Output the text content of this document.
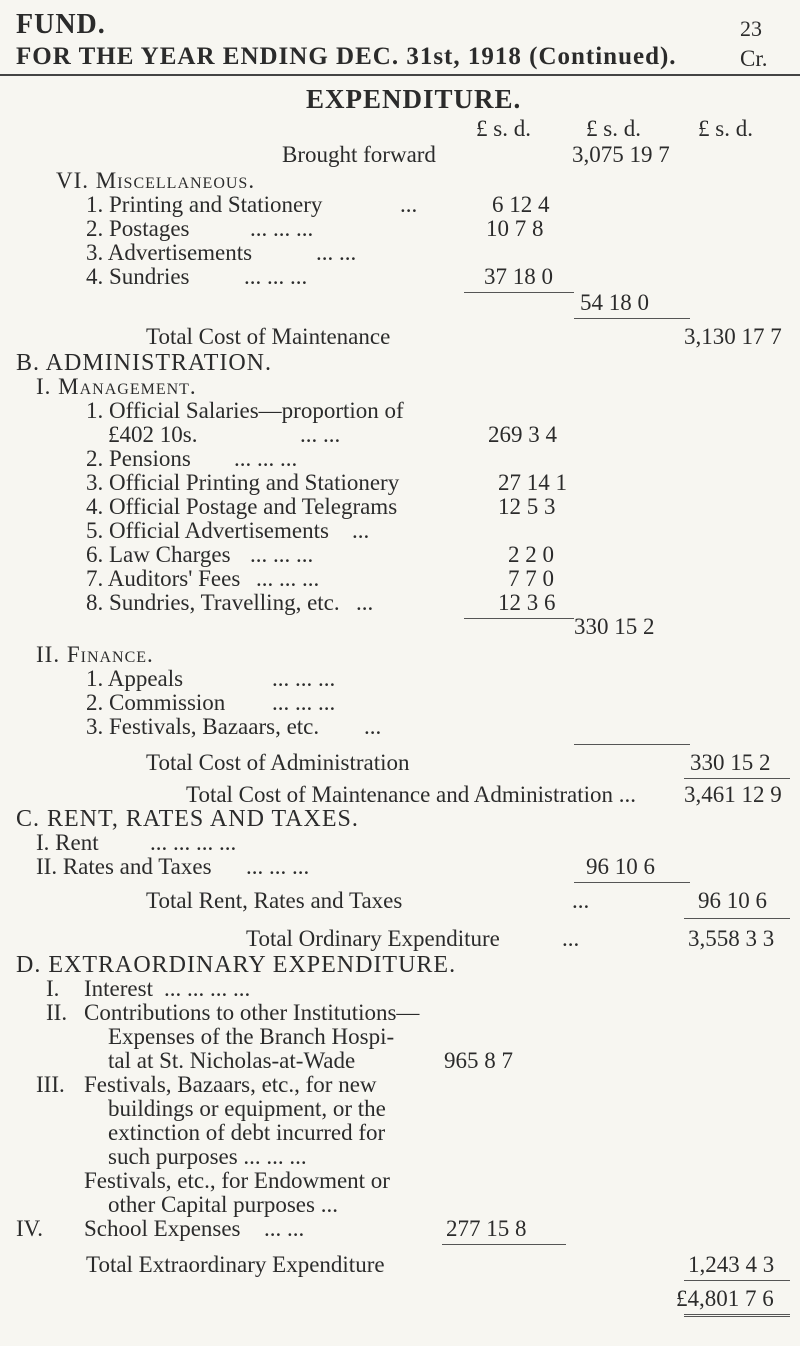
FUND.	23
FOR THE YEAR ENDING DEC. 31st, 1918 (Continued).	Cr.
EXPENDITURE.
£ s. d. £ s. d. £ s. d.
Brought forward	3,075 19 7
VI. Miscellaneous.
1. Printing and Stationery	...	6 12 4
2. Postages	... ... ...	10 7 8
3. Advertisements	... ...
4. Sundries ... ... ...	37 18 0
54 18 0
Total Cost of Maintenance	3,130 17 7
B. ADMINISTRATION.
I. Management.
1. Official Salaries—proportion of
£402 10s.	... ...	269 3 4
2. Pensions ... ... ...
3. Official Printing and Stationery	27 14 1
4. Official Postage and Telegrams	12 5 3
5. Official Advertisements ...
6. Law Charges ... ... ...	2 2 0
7. Auditors' Fees ... ... ...	7 7 0
8. Sundries, Travelling, etc. ...	12 3 6
330 15 2
II. Finance.
1. Appeals	... ... ...
2. Commission ... ... ...
3. Festivals, Bazaars, etc. ...
Total Cost of Administration	330 15 2
Total Cost of Maintenance and Administration ... 3,461 12 9
C. RENT, RATES AND TAXES.
I. Rent ... ... ... ...
II. Rates and Taxes ... ... ...	96 10 6
Total Rent, Rates and Taxes	...	96 10 6
Total Ordinary Expenditure	...	3,558 3 3
D. EXTRAORDINARY EXPENDITURE.
I. Interest ... ... ... ...
II. Contributions to other Institutions—
Expenses of the Branch Hospi-
tal at St. Nicholas-at-Wade	965 8 7
III. Festivals, Bazaars, etc., for new
buildings or equipment, or the
extinction of debt incurred for
such purposes ... ... ...
Festivals, etc., for Endowment or
other Capital purposes ...
IV. School Expenses ... ...	277 15 8
Total Extraordinary Expenditure	1,243 4 3
£4,801 7 6
